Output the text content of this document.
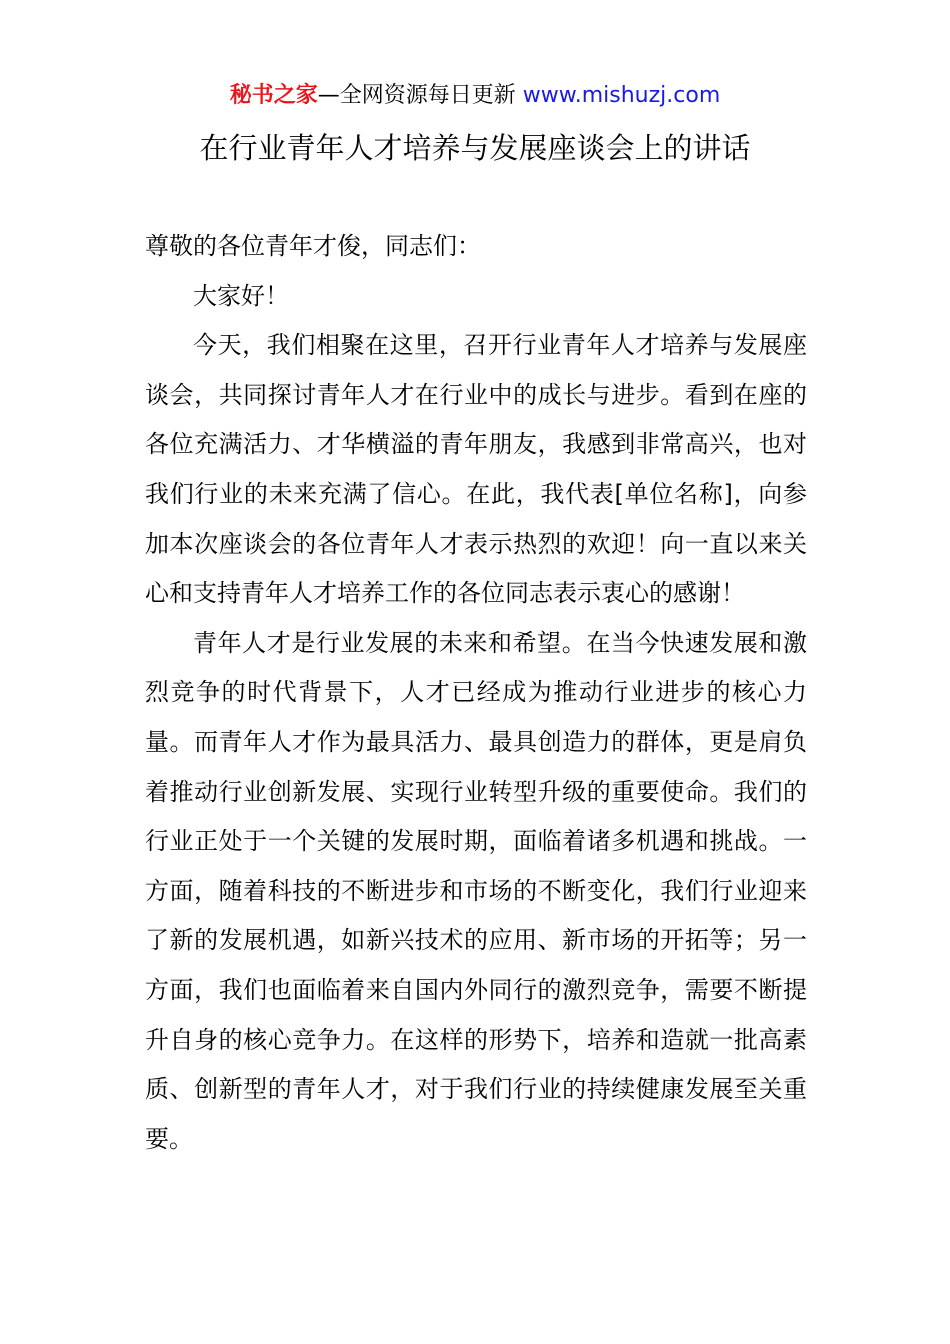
秘书之家—全网资源每日更新 www.mishuzj.com
在行业青年人才培养与发展座谈会上的讲话

尊敬的各位青年才俊，同志们：

大家好！

今天，我们相聚在这里，召开行业青年人才培养与发展座谈会，共同探讨青年人才在行业中的成长与进步。看到在座的各位充满活力、才华横溢的青年朋友，我感到非常高兴，也对我们行业的未来充满了信心。在此，我代表[单位名称]，向参加本次座谈会的各位青年人才表示热烈的欢迎！向一直以来关心和支持青年人才培养工作的各位同志表示衷心的感谢！

青年人才是行业发展的未来和希望。在当今快速发展和激烈竞争的时代背景下，人才已经成为推动行业进步的核心力量。而青年人才作为最具活力、最具创造力的群体，更是肩负着推动行业创新发展、实现行业转型升级的重要使命。我们的行业正处于一个关键的发展时期，面临着诸多机遇和挑战。一方面，随着科技的不断进步和市场的不断变化，我们行业迎来了新的发展机遇，如新兴技术的应用、新市场的开拓等；另一方面，我们也面临着来自国内外同行的激烈竞争，需要不断提升自身的核心竞争力。在这样的形势下，培养和造就一批高素质、创新型的青年人才，对于我们行业的持续健康发展至关重要。
